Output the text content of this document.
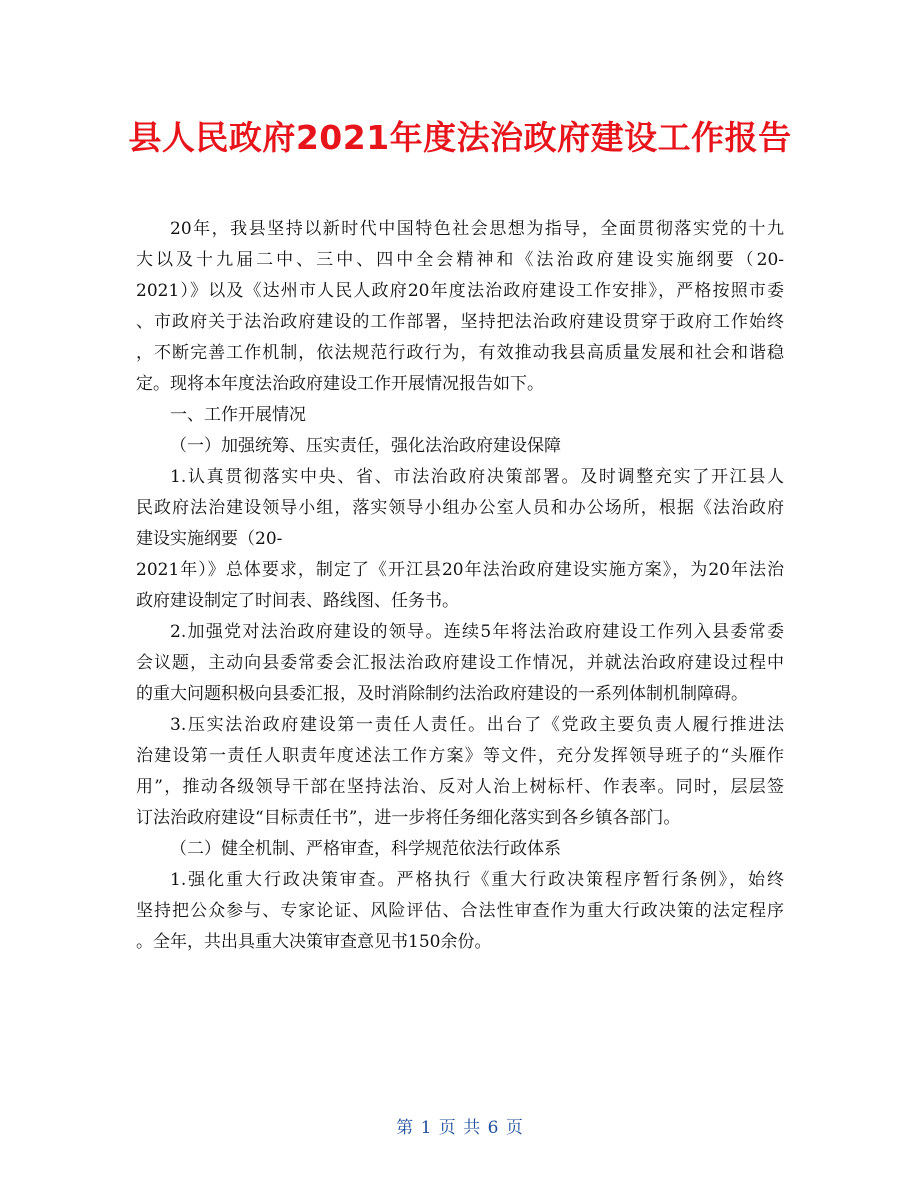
县人民政府2021年度法治政府建设工作报告

20年，我县坚持以新时代中国特色社会思想为指导，全面贯彻落实党的十九

大以及十九届二中、三中、四中全会精神和《法治政府建设实施纲要（20-

2021）》以及《达州市人民人政府20年度法治政府建设工作安排》，严格按照市委

、市政府关于法治政府建设的工作部署，坚持把法治政府建设贯穿于政府工作始终

，不断完善工作机制，依法规范行政行为，有效推动我县高质量发展和社会和谐稳

定。现将本年度法治政府建设工作开展情况报告如下。

一、工作开展情况

（一）加强统筹、压实责任，强化法治政府建设保障

1.认真贯彻落实中央、省、市法治政府决策部署。及时调整充实了开江县人

民政府法治建设领导小组，落实领导小组办公室人员和办公场所，根据《法治政府

建设实施纲要（20-

2021年）》总体要求，制定了《开江县20年法治政府建设实施方案》，为20年法治

政府建设制定了时间表、路线图、任务书。

2.加强党对法治政府建设的领导。连续5年将法治政府建设工作列入县委常委

会议题，主动向县委常委会汇报法治政府建设工作情况，并就法治政府建设过程中

的重大问题积极向县委汇报，及时消除制约法治政府建设的一系列体制机制障碍。

3.压实法治政府建设第一责任人责任。出台了《党政主要负责人履行推进法

治建设第一责任人职责年度述法工作方案》等文件，充分发挥领导班子的“头雁作

用”，推动各级领导干部在坚持法治、反对人治上树标杆、作表率。同时，层层签

订法治政府建设“目标责任书”，进一步将任务细化落实到各乡镇各部门。

（二）健全机制、严格审查，科学规范依法行政体系

1.强化重大行政决策审查。严格执行《重大行政决策程序暂行条例》，始终

坚持把公众参与、专家论证、风险评估、合法性审查作为重大行政决策的法定程序

。全年，共出具重大决策审查意见书150余份。

第 1 页 共 6 页
